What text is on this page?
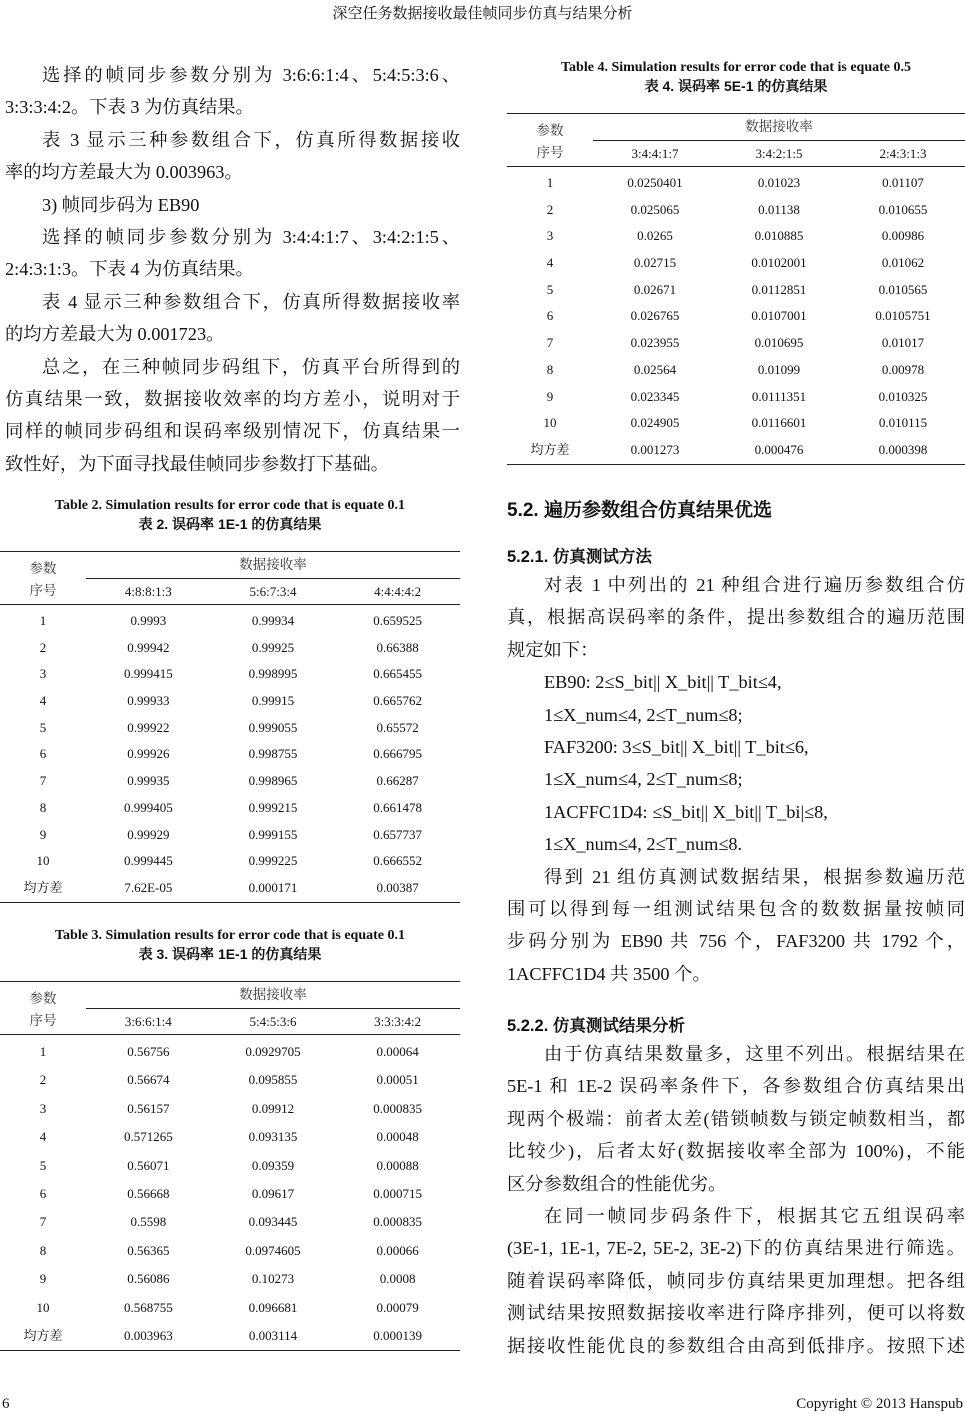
深空任务数据接收最佳帧同步仿真与结果分析
选择的帧同步参数分别为 3:6:6:1:4、5:4:5:3:6、
3:3:3:4:2。下表 3 为仿真结果。
表 3 显示三种参数组合下，仿真所得数据接收
率的均方差最大为 0.003963。
3) 帧同步码为 EB90
选择的帧同步参数分别为 3:4:4:1:7、3:4:2:1:5、
2:4:3:1:3。下表 4 为仿真结果。
表 4 显示三种参数组合下，仿真所得数据接收率
的均方差最大为 0.001723。
总之，在三种帧同步码组下，仿真平台所得到的
仿真结果一致，数据接收效率的均方差小，说明对于
同样的帧同步码组和误码率级别情况下，仿真结果一
致性好，为下面寻找最佳帧同步参数打下基础。
Table 2. Simulation results for error code that is equate 0.1
表 2. 误码率 1E-1 的仿真结果
参数
序号
数据接收率
4:8:8:1:3	5:6:7:3:4	4:4:4:4:2
1	0.9993	0.99934	0.659525
2	0.99942	0.99925	0.66388
3	0.999415	0.998995	0.665455
4	0.99933	0.99915	0.665762
5	0.99922	0.999055	0.65572
6	0.99926	0.998755	0.666795
7	0.99935	0.998965	0.66287
8	0.999405	0.999215	0.661478
9	0.99929	0.999155	0.657737
10	0.999445	0.999225	0.666552
均方差	7.62E-05	0.000171	0.00387
Table 3. Simulation results for error code that is equate 0.1
表 3. 误码率 1E-1 的仿真结果
参数
序号
数据接收率
3:6:6:1:4	5:4:5:3:6	3:3:3:4:2
1	0.56756	0.0929705	0.00064
2	0.56674	0.095855	0.00051
3	0.56157	0.09912	0.000835
4	0.571265	0.093135	0.00048
5	0.56071	0.09359	0.00088
6	0.56668	0.09617	0.000715
7	0.5598	0.093445	0.000835
8	0.56365	0.0974605	0.00066
9	0.56086	0.10273	0.0008
10	0.568755	0.096681	0.00079
均方差	0.003963	0.003114	0.000139
Table 4. Simulation results for error code that is equate 0.5
表 4. 误码率 5E-1 的仿真结果
参数
序号
数据接收率
3:4:4:1:7	3:4:2:1:5	2:4:3:1:3
1	0.0250401	0.01023	0.01107
2	0.025065	0.01138	0.010655
3	0.0265	0.010885	0.00986
4	0.02715	0.0102001	0.01062
5	0.02671	0.0112851	0.010565
6	0.026765	0.0107001	0.0105751
7	0.023955	0.010695	0.01017
8	0.02564	0.01099	0.00978
9	0.023345	0.0111351	0.010325
10	0.024905	0.0116601	0.010115
均方差	0.001273	0.000476	0.000398
5.2. 遍历参数组合仿真结果优选
5.2.1. 仿真测试方法
对表 1 中列出的 21 种组合进行遍历参数组合仿
真，根据高误码率的条件，提出参数组合的遍历范围
规定如下：
EB90: 2≤S_bit|| X_bit|| T_bit≤4,
1≤X_num≤4, 2≤T_num≤8;
FAF3200: 3≤S_bit|| X_bit|| T_bit≤6,
1≤X_num≤4, 2≤T_num≤8;
1ACFFC1D4: ≤S_bit|| X_bit|| T_bi|≤8,
1≤X_num≤4, 2≤T_num≤8.
得到 21 组仿真测试数据结果，根据参数遍历范
围可以得到每一组测试结果包含的数数据量按帧同
步码分别为 EB90 共 756 个，FAF3200 共 1792 个，
1ACFFC1D4 共 3500 个。
5.2.2. 仿真测试结果分析
由于仿真结果数量多，这里不列出。根据结果在
5E-1 和 1E-2 误码率条件下，各参数组合仿真结果出
现两个极端：前者太差(错锁帧数与锁定帧数相当，都
比较少)，后者太好(数据接收率全部为 100%)，不能
区分参数组合的性能优劣。
在同一帧同步码条件下，根据其它五组误码率
(3E-1, 1E-1, 7E-2, 5E-2, 3E-2)下的仿真结果进行筛选。
随着误码率降低，帧同步仿真结果更加理想。把各组
测试结果按照数据接收率进行降序排列，便可以将数
据接收性能优良的参数组合由高到低排序。按照下述
6	Copyright © 2013 Hanspub
